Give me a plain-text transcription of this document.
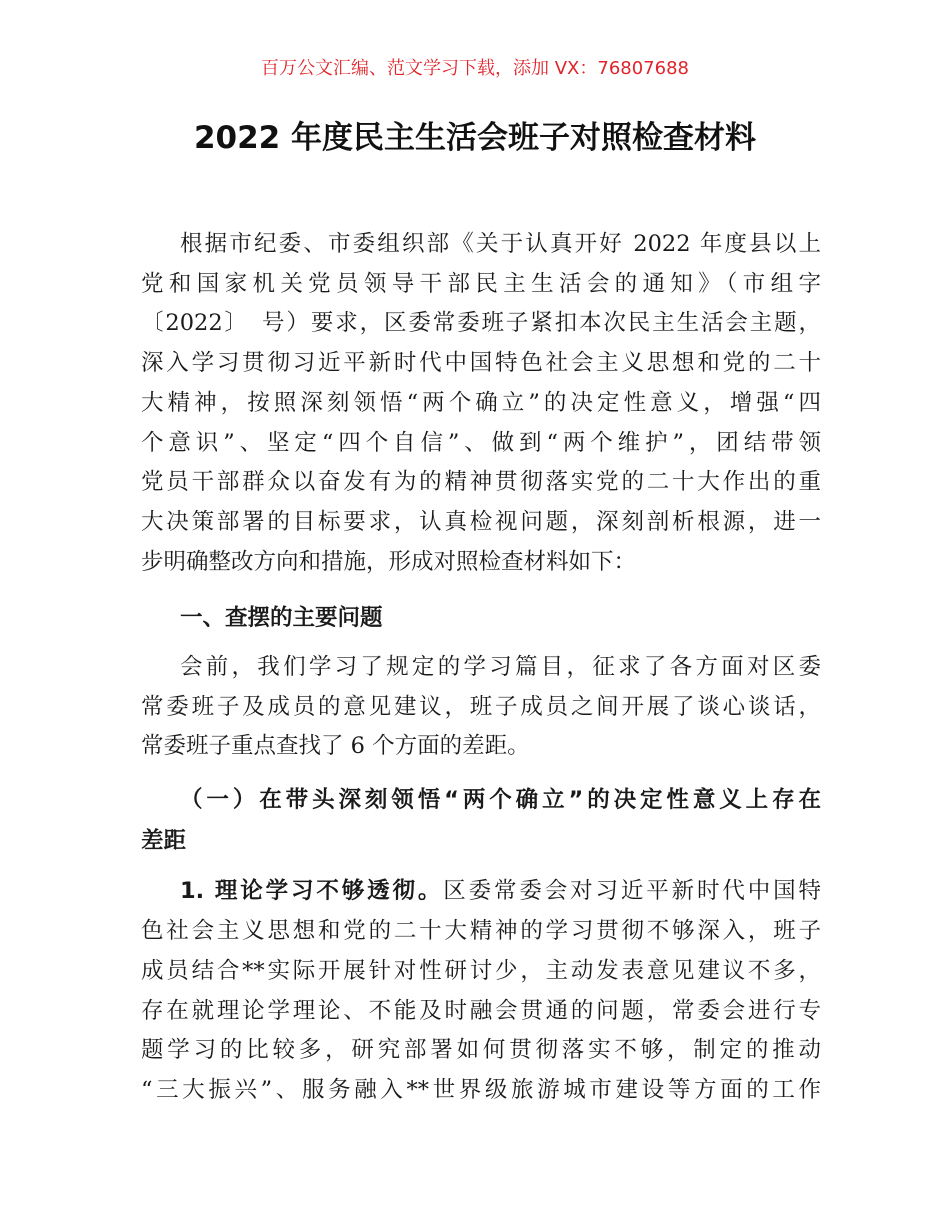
百万公文汇编、范文学习下载，添加 VX：76807688
2022 年度民主生活会班子对照检查材料
根据市纪委、市委组织部《关于认真开好 2022 年度县以上
党和国家机关党员领导干部民主生活会的通知》（市组字
〔2022〕　号）要求，区委常委班子紧扣本次民主生活会主题，
深入学习贯彻习近平新时代中国特色社会主义思想和党的二十
大精神，按照深刻领悟“两个确立”的决定性意义，增强“四
个意识”、坚定“四个自信”、做到“两个维护”，团结带领
党员干部群众以奋发有为的精神贯彻落实党的二十大作出的重
大决策部署的目标要求，认真检视问题，深刻剖析根源，进一
步明确整改方向和措施，形成对照检查材料如下：
一、查摆的主要问题
会前，我们学习了规定的学习篇目，征求了各方面对区委
常委班子及成员的意见建议，班子成员之间开展了谈心谈话，
常委班子重点查找了 6 个方面的差距。
（一）在带头深刻领悟“两个确立”的决定性意义上存在
差距
1. 理论学习不够透彻。区委常委会对习近平新时代中国特
色社会主义思想和党的二十大精神的学习贯彻不够深入，班子
成员结合**实际开展针对性研讨少，主动发表意见建议不多，
存在就理论学理论、不能及时融会贯通的问题，常委会进行专
题学习的比较多，研究部署如何贯彻落实不够，制定的推动
“三大振兴”、服务融入**世界级旅游城市建设等方面的工作
